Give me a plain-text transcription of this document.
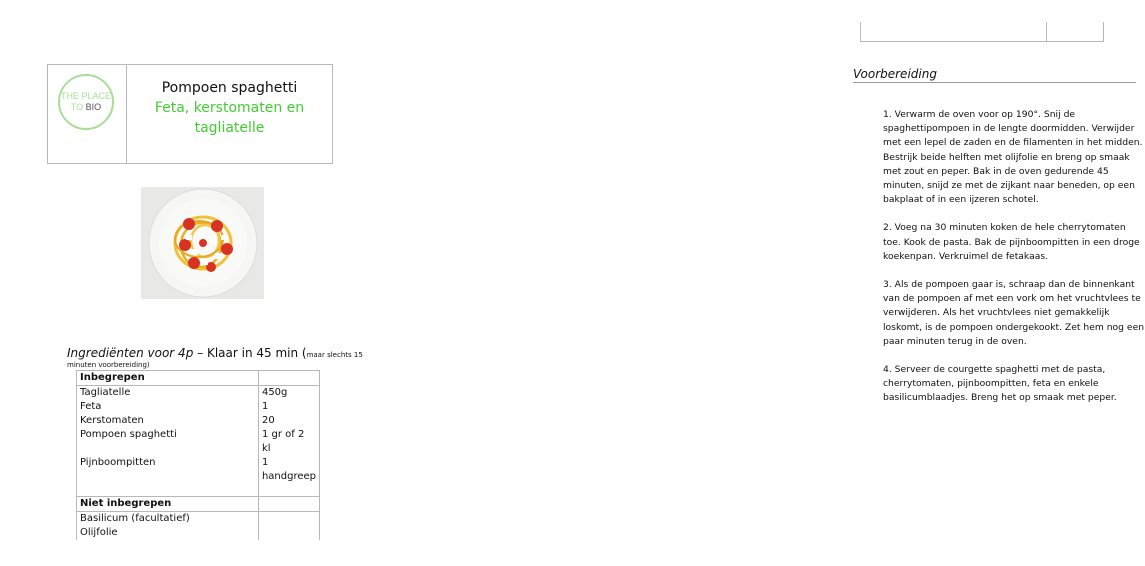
THE PLACE
TO BIO
Pompoen spaghetti
Feta, kerstomaten en tagliatelle
Ingrediënten voor 4p – Klaar in 45 min (maar slechts 15
minuten voorbereiding)
Inbegrepen	
Tagliatelle	450g
Feta	1
Kerstomaten	20
Pompoen spaghetti	1 gr of 2 kl
Pijnboompitten	1
	handgreep

Niet inbegrepen	
Basilicum (facultatief)	
Olijfolie	
Voorbereiding

1. Verwarm de oven voor op 190°. Snij de spaghettipompoen in de lengte doormidden. Verwijder met een lepel de zaden en de filamenten in het midden. Bestrijk beide helften met olijfolie en breng op smaak met zout en peper. Bak in de oven gedurende 45 minuten, snijd ze met de zijkant naar beneden, op een bakplaat of in een ijzeren schotel.

2. Voeg na 30 minuten koken de hele cherrytomaten toe. Kook de pasta. Bak de pijnboompitten in een droge koekenpan. Verkruimel de fetakaas.

3. Als de pompoen gaar is, schraap dan de binnenkant van de pompoen af met een vork om het vruchtvlees te verwijderen. Als het vruchtvlees niet gemakkelijk loskomt, is de pompoen ondergekookt. Zet hem nog een paar minuten terug in de oven.

4. Serveer de courgette spaghetti met de pasta, cherrytomaten, pijnboompitten, feta en enkele basilicumblaadjes. Breng het op smaak met peper.
